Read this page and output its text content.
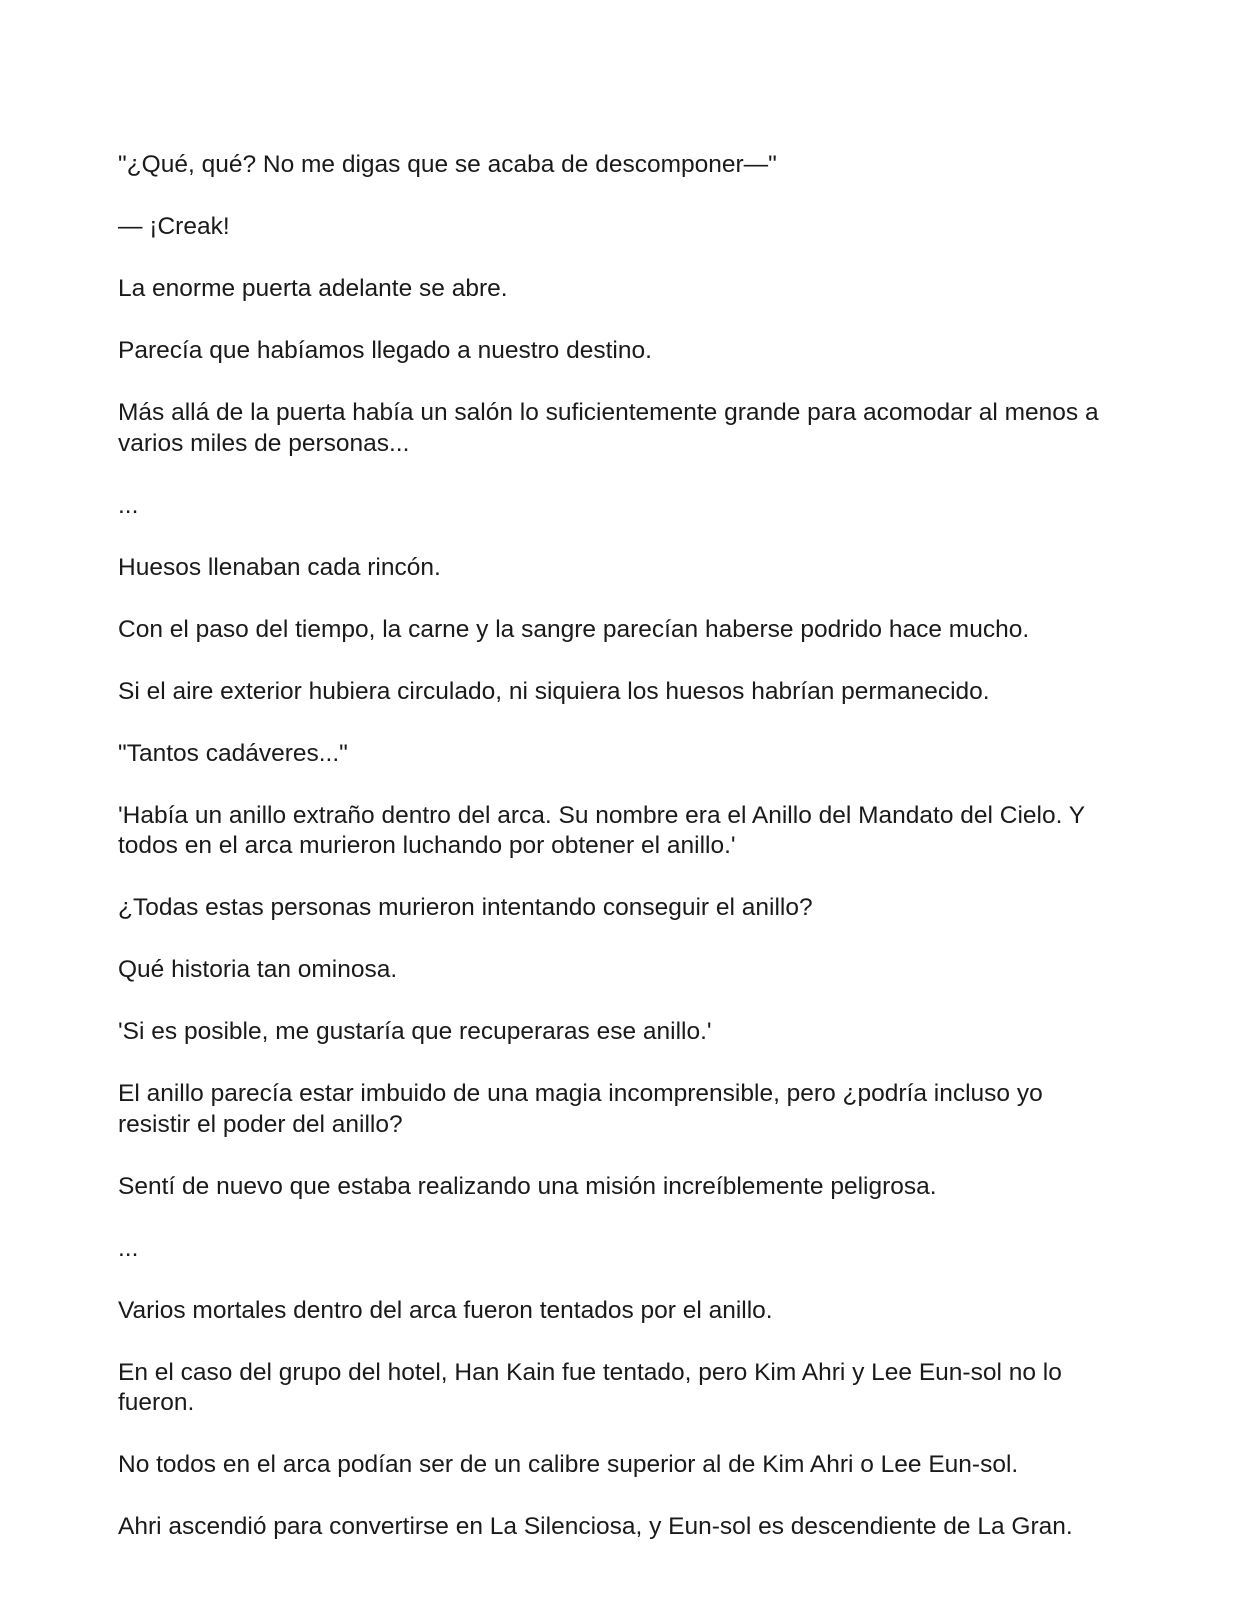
"¿Qué, qué? No me digas que se acaba de descomponer—"

— ¡Creak!

La enorme puerta adelante se abre.

Parecía que habíamos llegado a nuestro destino.

Más allá de la puerta había un salón lo suficientemente grande para acomodar al menos a varios miles de personas...

...

Huesos llenaban cada rincón.

Con el paso del tiempo, la carne y la sangre parecían haberse podrido hace mucho.

Si el aire exterior hubiera circulado, ni siquiera los huesos habrían permanecido.

"Tantos cadáveres..."

'Había un anillo extraño dentro del arca. Su nombre era el Anillo del Mandato del Cielo. Y todos en el arca murieron luchando por obtener el anillo.'

¿Todas estas personas murieron intentando conseguir el anillo?

Qué historia tan ominosa.

'Si es posible, me gustaría que recuperaras ese anillo.'

El anillo parecía estar imbuido de una magia incomprensible, pero ¿podría incluso yo resistir el poder del anillo?

Sentí de nuevo que estaba realizando una misión increíblemente peligrosa.

...

Varios mortales dentro del arca fueron tentados por el anillo.

En el caso del grupo del hotel, Han Kain fue tentado, pero Kim Ahri y Lee Eun-sol no lo fueron.

No todos en el arca podían ser de un calibre superior al de Kim Ahri o Lee Eun-sol.

Ahri ascendió para convertirse en La Silenciosa, y Eun-sol es descendiente de La Gran.
